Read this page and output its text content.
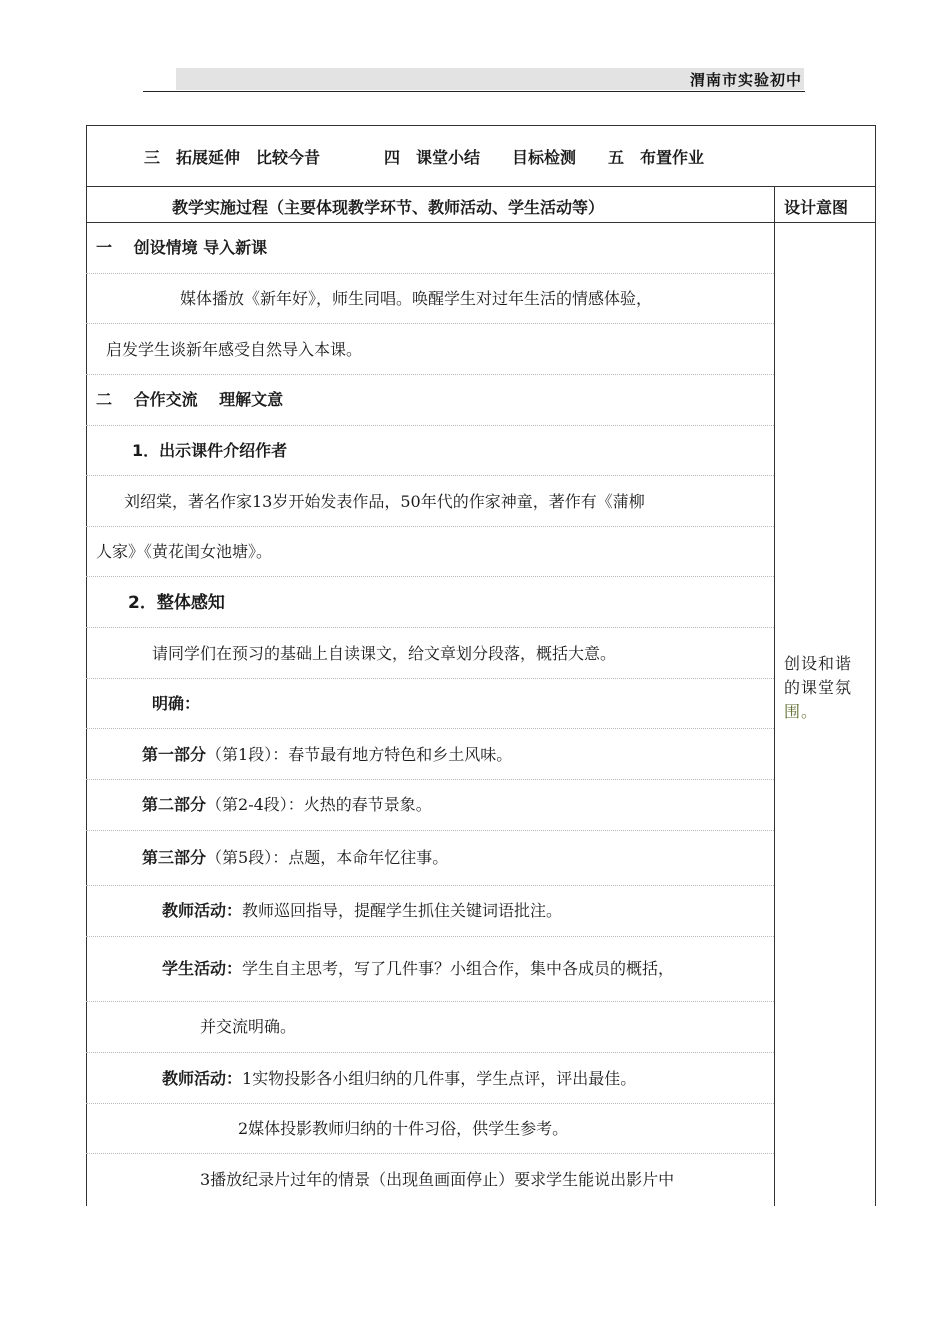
渭南市实验初中
三　拓展延伸　比较今昔　　　　四　课堂小结　　目标检测　　五　布置作业
教学实施过程（主要体现教学环节、教师活动、学生活动等）	设计意图
一　 创设情境 导入新课
媒体播放《新年好》，师生同唱。唤醒学生对过年生活的情感体验，
启发学生谈新年感受自然导入本课。
二　 合作交流　 理解文意
1．出示课件介绍作者
刘绍棠，著名作家13岁开始发表作品，50年代的作家神童，著作有《蒲柳
人家》《黄花闺女池塘》。
2．整体感知
请同学们在预习的基础上自读课文，给文章划分段落，概括大意。
明确：
第一部分（第1段）：春节最有地方特色和乡土风味。
第二部分（第2-4段）：火热的春节景象。
第三部分（第5段）：点题，本命年忆往事。
教师活动：教师巡回指导，提醒学生抓住关键词语批注。
学生活动：学生自主思考，写了几件事？小组合作，集中各成员的概括，
并交流明确。
教师活动：1实物投影各小组归纳的几件事，学生点评，评出最佳。
2媒体投影教师归纳的十件习俗，供学生参考。
3播放纪录片过年的情景（出现鱼画面停止）要求学生能说出影片中
创设和谐
的课堂氛
围。
